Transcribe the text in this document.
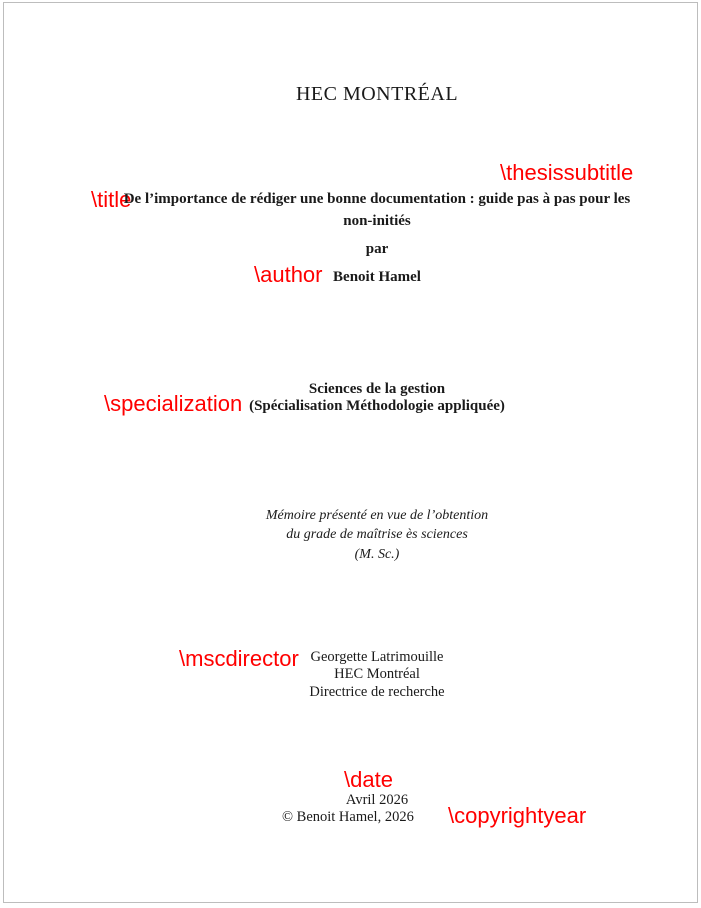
HEC MONTRÉAL
\thesissubtitle
\title
\author
\specialization
\mscdirector
\date
\copyrightyear
De l’importance de rédiger une bonne documentation : guide pas à pas pour les
non-initiés
par
Benoit Hamel
Sciences de la gestion
(Spécialisation Méthodologie appliquée)
Mémoire présenté en vue de l’obtention
du grade de maîtrise ès sciences
(M. Sc.)
Georgette Latrimouille
HEC Montréal
Directrice de recherche
Avril 2026
© Benoit Hamel, 2026
